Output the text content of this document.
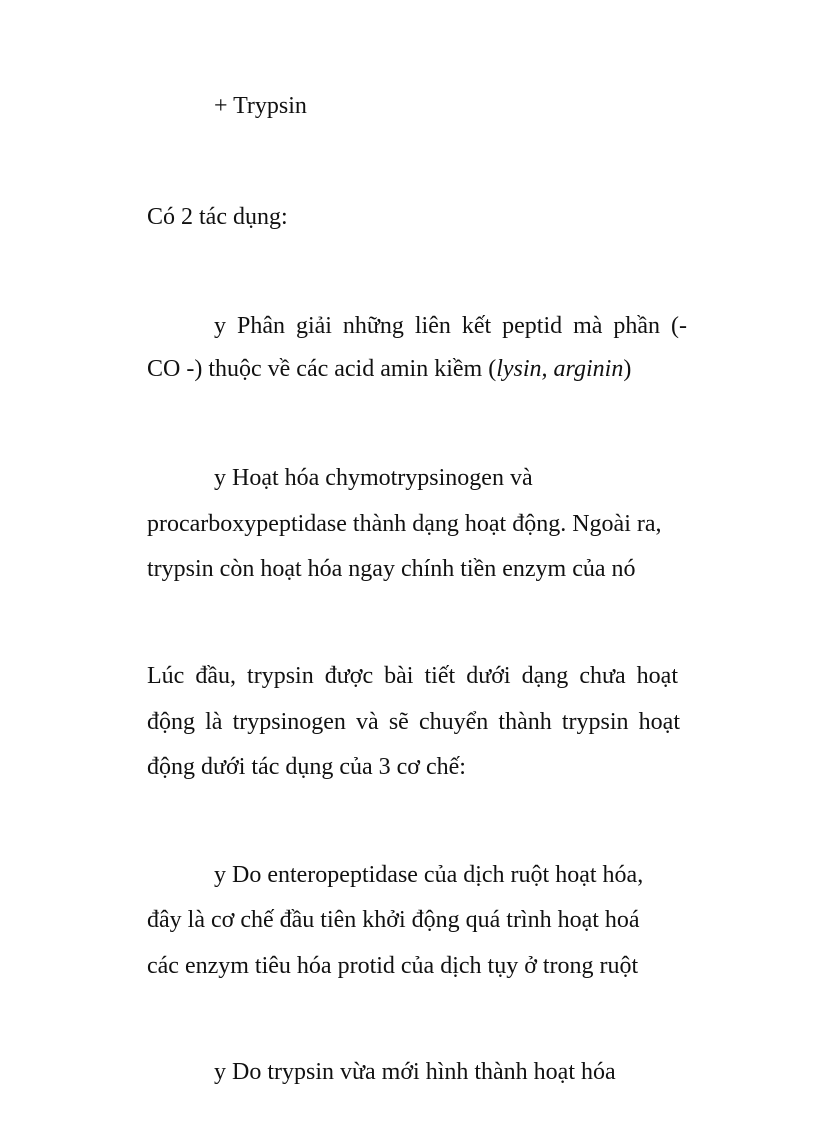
+ Trypsin
Có 2 tác dụng:
y Phân giải những liên kết peptid mà phần (-
CO -) thuộc về các acid amin kiềm (lysin, arginin)
y Hoạt hóa chymotrypsinogen và
procarboxypeptidase thành dạng hoạt động. Ngoài ra,
trypsin còn hoạt hóa ngay chính tiền enzym của nó
Lúc đầu, trypsin được bài tiết dưới dạng chưa hoạt
động là trypsinogen và sẽ chuyển thành trypsin hoạt
động dưới tác dụng của 3 cơ chế:
y Do enteropeptidase của dịch ruột hoạt hóa,
đây là cơ chế đầu tiên khởi động quá trình hoạt hoá
các enzym tiêu hóa protid của dịch tụy ở trong ruột
y Do trypsin vừa mới hình thành hoạt hóa
